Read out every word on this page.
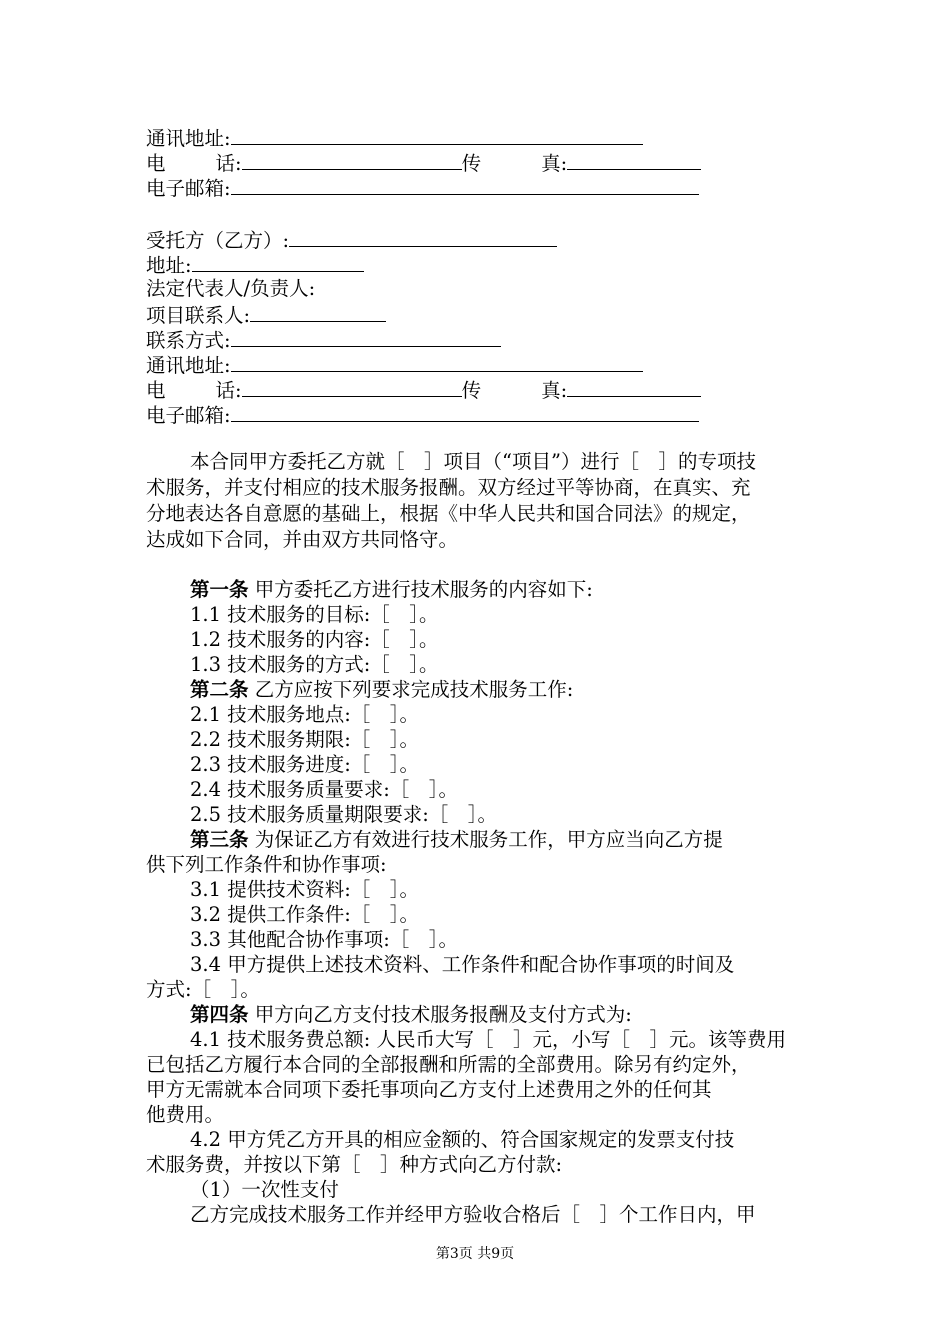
通讯地址:
电	话:	传	真:
电子邮箱:
受托方（乙方）:
地址:
法定代表人/负责人:
项目联系人:
联系方式:
通讯地址:
电	话:	传	真:
电子邮箱:
本合同甲方委托乙方就［　］项目（“项目”）进行［　］的专项技
术服务，并支付相应的技术服务报酬。双方经过平等协商，在真实、充
分地表达各自意愿的基础上，根据《中华人民共和国合同法》的规定，
达成如下合同，并由双方共同恪守。
第一条 甲方委托乙方进行技术服务的内容如下:
1.1 技术服务的目标:［　］。
1.2 技术服务的内容:［　］。
1.3 技术服务的方式:［　］。
第二条 乙方应按下列要求完成技术服务工作:
2.1 技术服务地点:［　］。
2.2 技术服务期限:［　］。
2.3 技术服务进度:［　］。
2.4 技术服务质量要求:［　］。
2.5 技术服务质量期限要求:［　］。
第三条 为保证乙方有效进行技术服务工作，甲方应当向乙方提
供下列工作条件和协作事项:
3.1 提供技术资料:［　］。
3.2 提供工作条件:［　］。
3.3 其他配合协作事项:［　］。
3.4 甲方提供上述技术资料、工作条件和配合协作事项的时间及
方式:［　］。
第四条 甲方向乙方支付技术服务报酬及支付方式为:
4.1 技术服务费总额: 人民币大写［　］元，小写［　］元。该等费用
已包括乙方履行本合同的全部报酬和所需的全部费用。除另有约定外，
甲方无需就本合同项下委托事项向乙方支付上述费用之外的任何其
他费用。
4.2 甲方凭乙方开具的相应金额的、符合国家规定的发票支付技
术服务费，并按以下第［　］种方式向乙方付款:
（1）一次性支付
乙方完成技术服务工作并经甲方验收合格后［　］个工作日内，甲
第3页 共9页
